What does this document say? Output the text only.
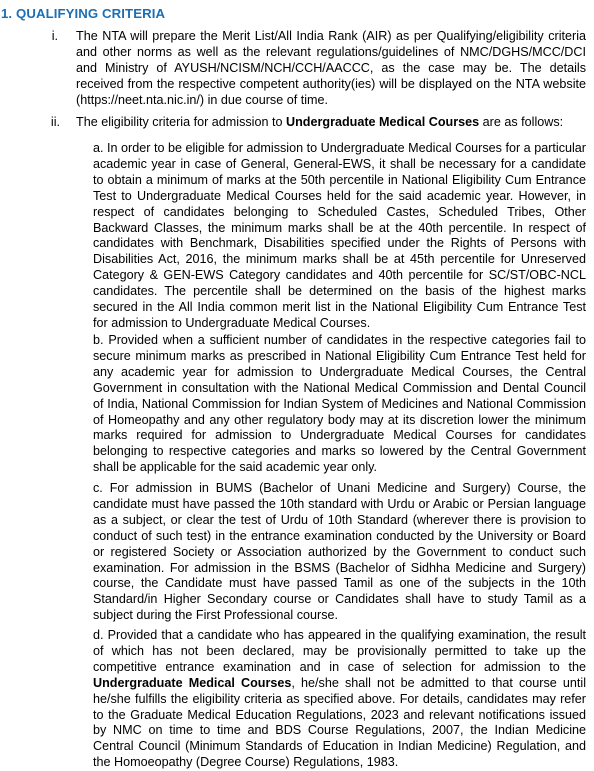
1. QUALIFYING CRITERIA
i. The NTA will prepare the Merit List/All India Rank (AIR) as per Qualifying/eligibility criteria and other norms as well as the relevant regulations/guidelines of NMC/DGHS/MCC/DCI and Ministry of AYUSH/NCISM/NCH/CCH/AACCC, as the case may be. The details received from the respective competent authority(ies) will be displayed on the NTA website (https://neet.nta.nic.in/) in due course of time.
ii. The eligibility criteria for admission to Undergraduate Medical Courses are as follows:
a. In order to be eligible for admission to Undergraduate Medical Courses for a particular academic year in case of General, General-EWS, it shall be necessary for a candidate to obtain a minimum of marks at the 50th percentile in National Eligibility Cum Entrance Test to Undergraduate Medical Courses held for the said academic year. However, in respect of candidates belonging to Scheduled Castes, Scheduled Tribes, Other Backward Classes, the minimum marks shall be at the 40th percentile. In respect of candidates with Benchmark, Disabilities specified under the Rights of Persons with Disabilities Act, 2016, the minimum marks shall be at 45th percentile for Unreserved Category & GEN-EWS Category candidates and 40th percentile for SC/ST/OBC-NCL candidates. The percentile shall be determined on the basis of the highest marks secured in the All India common merit list in the National Eligibility Cum Entrance Test for admission to Undergraduate Medical Courses.
b. Provided when a sufficient number of candidates in the respective categories fail to secure minimum marks as prescribed in National Eligibility Cum Entrance Test held for any academic year for admission to Undergraduate Medical Courses, the Central Government in consultation with the National Medical Commission and Dental Council of India, National Commission for Indian System of Medicines and National Commission of Homeopathy and any other regulatory body may at its discretion lower the minimum marks required for admission to Undergraduate Medical Courses for candidates belonging to respective categories and marks so lowered by the Central Government shall be applicable for the said academic year only.
c. For admission in BUMS (Bachelor of Unani Medicine and Surgery) Course, the candidate must have passed the 10th standard with Urdu or Arabic or Persian language as a subject, or clear the test of Urdu of 10th Standard (wherever there is provision to conduct of such test) in the entrance examination conducted by the University or Board or registered Society or Association authorized by the Government to conduct such examination. For admission in the BSMS (Bachelor of Sidhha Medicine and Surgery) course, the Candidate must have passed Tamil as one of the subjects in the 10th Standard/in Higher Secondary course or Candidates shall have to study Tamil as a subject during the First Professional course.
d. Provided that a candidate who has appeared in the qualifying examination, the result of which has not been declared, may be provisionally permitted to take up the competitive entrance examination and in case of selection for admission to the Undergraduate Medical Courses, he/she shall not be admitted to that course until he/she fulfills the eligibility criteria as specified above. For details, candidates may refer to the Graduate Medical Education Regulations, 2023 and relevant notifications issued by NMC on time to time and BDS Course Regulations, 2007, the Indian Medicine Central Council (Minimum Standards of Education in Indian Medicine) Regulation, and the Homoeopathy (Degree Course) Regulations, 1983.
